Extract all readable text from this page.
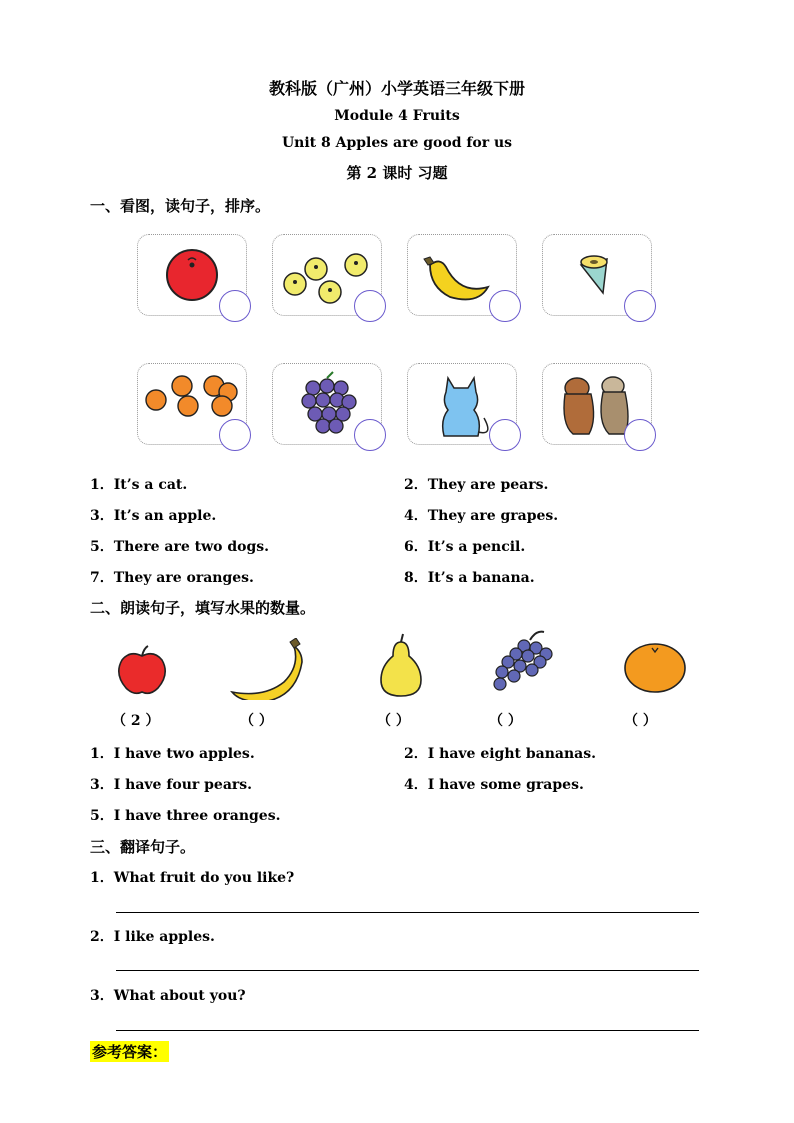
教科版（广州）小学英语三年级下册
Module 4 Fruits
Unit 8 Apples are good for us
第 2 课时 习题
一、看图，读句子，排序。
1．It’s a cat.	2．They are pears.
3．It’s an apple.	4．They are grapes.
5．There are two dogs.	6．It’s a pencil.
7．They are oranges.	8．It’s a banana.
二、朗读句子，填写水果的数量。
（ 2 ）	（ ）	（ ）	（ ）	（ ）
1．I have two apples.	2．I have eight bananas.
3．I have four pears.	4．I have some grapes.
5．I have three oranges.
三、翻译句子。
1．What fruit do you like?
2．I like apples.
3．What about you?
参考答案：
